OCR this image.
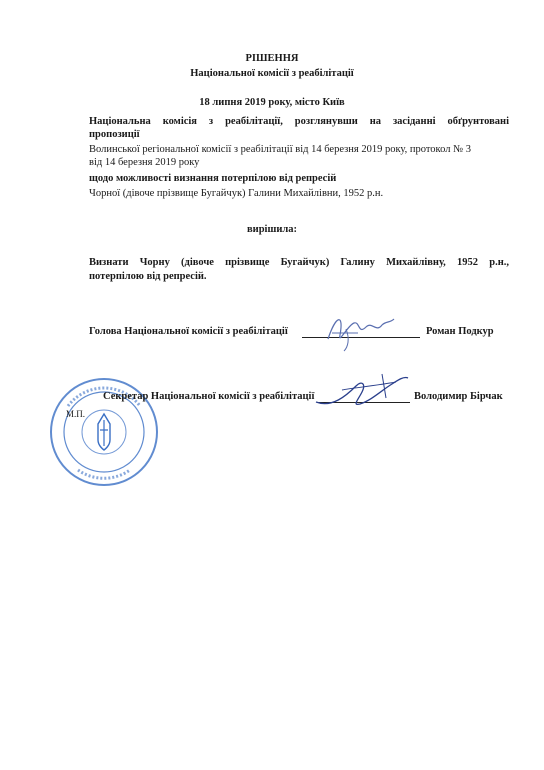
РІШЕННЯ
Національної комісії з реабілітації
18 липня 2019 року, місто Київ
Національна комісія з реабілітації, розглянувши на засіданні обґрунтовані
пропозиції
Волинської регіональної комісії з реабілітації від 14 березня 2019 року, протокол № 3
від 14 березня 2019 року
щодо можливості визнання потерпілою від репресій
Чорної (дівоче прізвище Бугайчук) Галини Михайлівни, 1952 р.н.
вирішила:
Визнати Чорну (дівоче прізвище Бугайчук) Галину Михайлівну, 1952 р.н.,
потерпілою від репресій.
Голова Національної комісії з реабілітації	Роман Подкур
М.П.
Секретар Національної комісії з реабілітації	Володимир Бірчак
